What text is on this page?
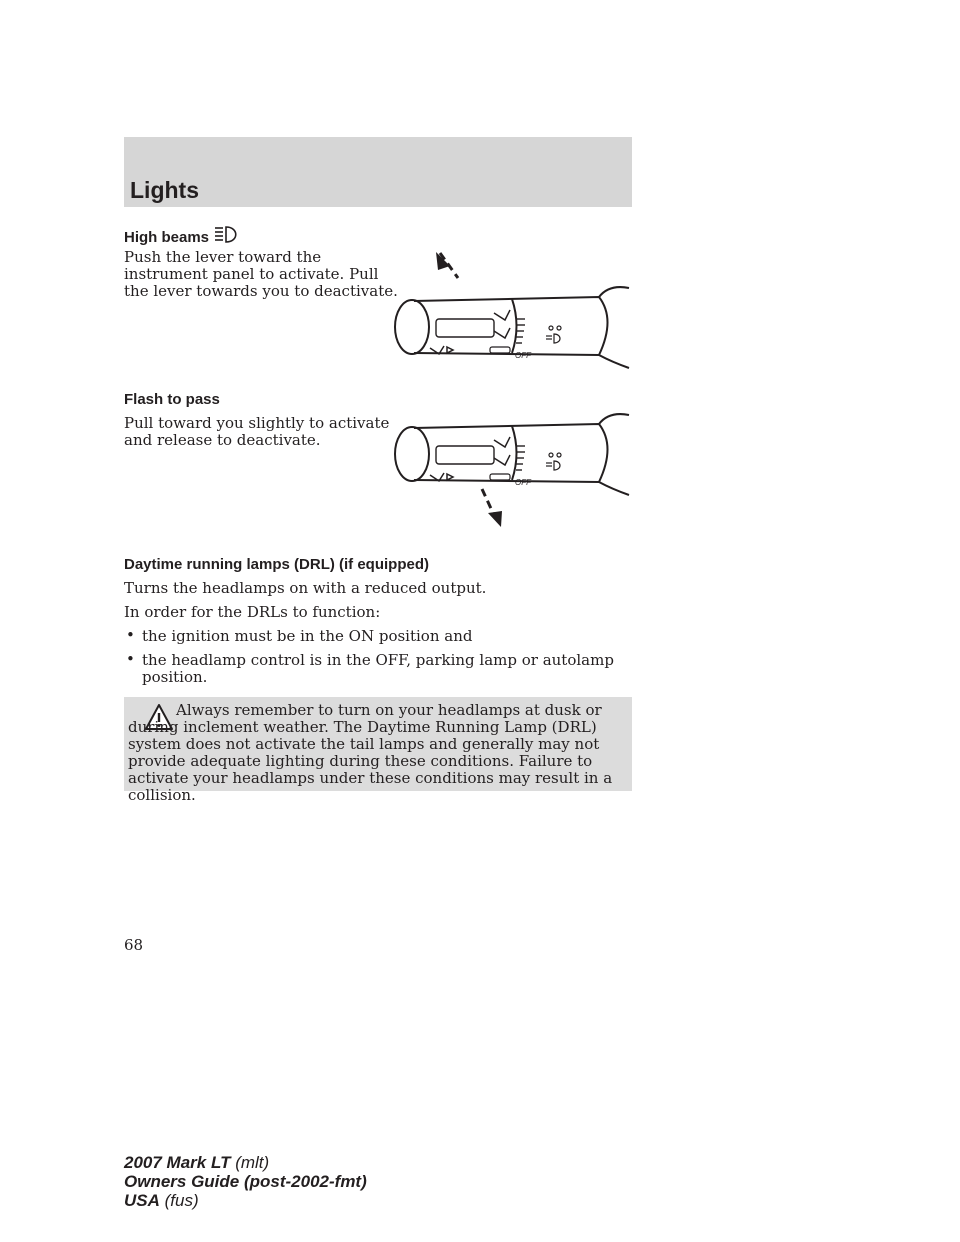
Lights
High beams
Push the lever toward the
instrument panel to activate. Pull
the lever towards you to deactivate.
OFF
Flash to pass
Pull toward you slightly to activate
and release to deactivate.
OFF
Daytime running lamps (DRL) (if equipped)
Turns the headlamps on with a reduced output.
In order for the DRLs to function:
• the ignition must be in the ON position and
• the headlamp control is in the OFF, parking lamp or autolamp position.
Always remember to turn on your headlamps at dusk or during inclement weather. The Daytime Running Lamp (DRL) system does not activate the tail lamps and generally may not provide adequate lighting during these conditions. Failure to activate your headlamps under these conditions may result in a collision.
68
2007 Mark LT (mlt)
Owners Guide (post-2002-fmt)
USA (fus)
